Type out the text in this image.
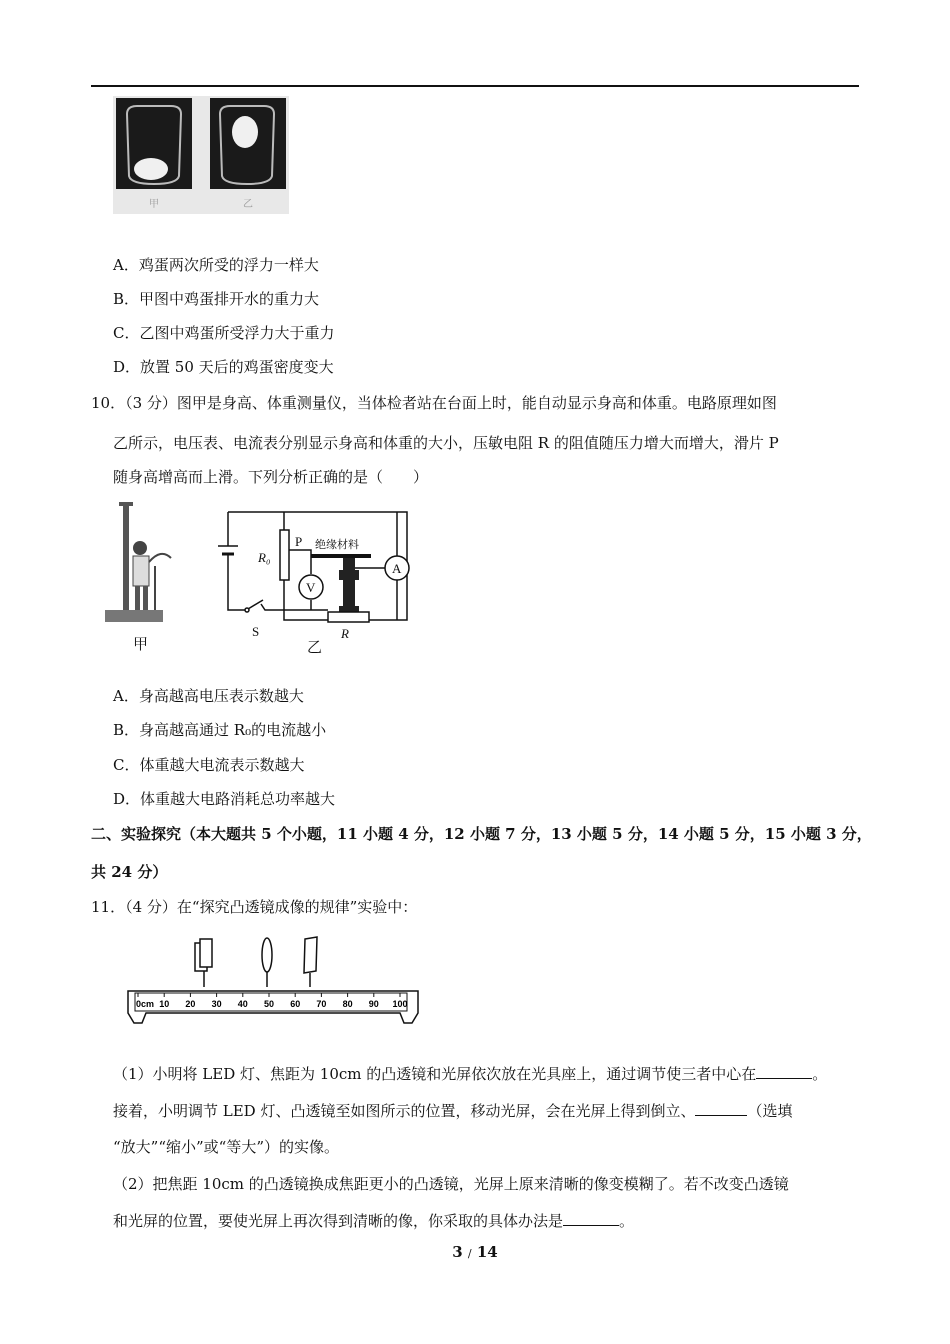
甲	乙
A．鸡蛋两次所受的浮力一样大
B．甲图中鸡蛋排开水的重力大
C．乙图中鸡蛋所受浮力大于重力
D．放置 50 天后的鸡蛋密度变大
10．（3 分）图甲是身高、体重测量仪，当体检者站在台面上时，能自动显示身高和体重。电路原理如图
乙所示，电压表、电流表分别显示身高和体重的大小，压敏电阻 R 的阻值随压力增大而增大，滑片 P
随身高增高而上滑。下列分析正确的是（　　）
甲
S
R₀
P 绝缘材料
V
A
R
乙
A．身高越高电压表示数越大
B．身高越高通过 R₀的电流越小
C．体重越大电流表示数越大
D．体重越大电路消耗总功率越大
二、实验探究（本大题共 5 个小题，11 小题 4 分，12 小题 7 分，13 小题 5 分，14 小题 5 分，15 小题 3 分，
共 24 分）
11．（4 分）在“探究凸透镜成像的规律”实验中：
0cm 10 20 30 40 50 60 70 80 90 100
（1）小明将 LED 灯、焦距为 10cm 的凸透镜和光屏依次放在光具座上，通过调节使三者中心在	。
接着，小明调节 LED 灯、凸透镜至如图所示的位置，移动光屏，会在光屏上得到倒立、	（选填
“放大”“缩小”或“等大”）的实像。
（2）把焦距 10cm 的凸透镜换成焦距更小的凸透镜，光屏上原来清晰的像变模糊了。若不改变凸透镜
和光屏的位置，要使光屏上再次得到清晰的像，你采取的具体办法是	。
3 / 14
